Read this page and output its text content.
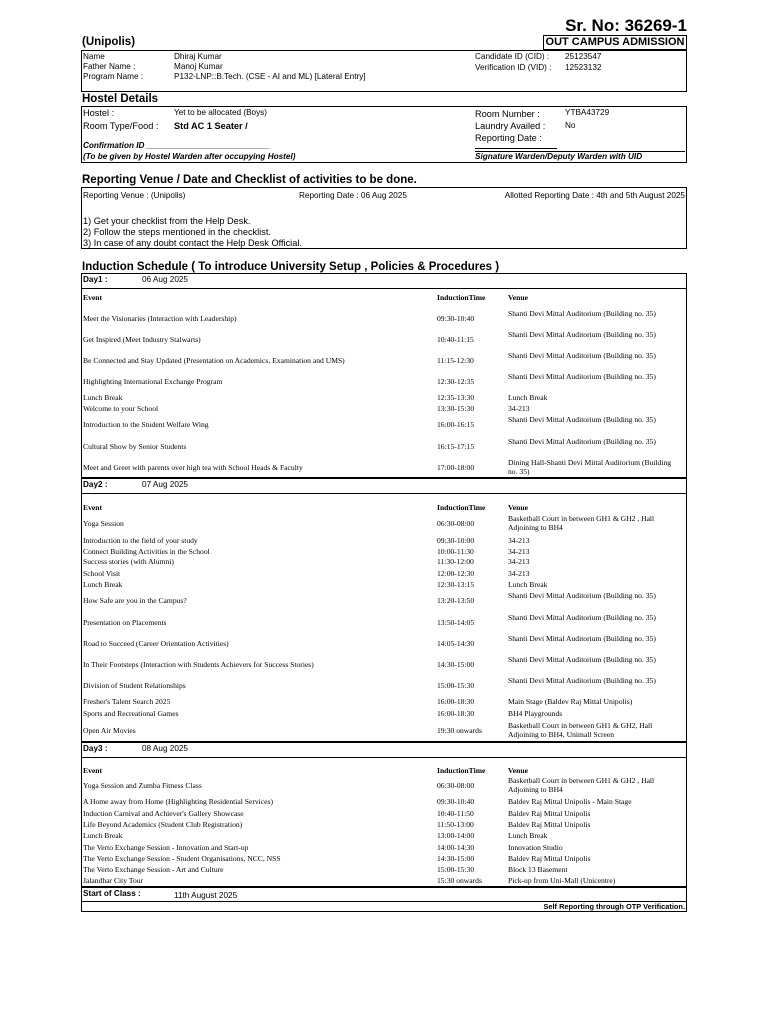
Sr. No: 36269-1
(Unipolis)	OUT CAMPUS ADMISSION
Name	Dhiraj Kumar
Father Name :	Manoj Kumar
Program Name :	P132-LNP::B.Tech. (CSE - AI and ML) [Lateral Entry]
Candidate ID (CID) : 25123547
Verification ID (VID) : 12523132
Hostel Details
Hostel :	Yet to be allocated (Boys)
Room Type/Food : Std AC 1 Seater /
Room Number :	YTBA43729
Laundry Availed : No
Reporting Date :
Confirmation ID ___________________________
(To be given by Hostel Warden after occupying Hostel)	Signature Warden/Deputy Warden with UID
Reporting Venue / Date and Checklist of activities to be done.
Reporting Venue : (Unipolis)	Reporting Date : 06 Aug 2025	Allotted Reporting Date : 4th and 5th August 2025
1) Get your checklist from the Help Desk.
2) Follow the steps mentioned in the checklist.
3) In case of any doubt contact the Help Desk Official.
Induction Schedule ( To introduce University Setup , Policies & Procedures )
Day1 :	06 Aug 2025
Event	InductionTime	Venue
Meet the Visionaries (Interaction with Leadership)	09:30-10:40
Shanti Devi Mittal Auditorium (Building no. 35)
Get Inspired (Meet Industry Stalwarts)	10:40-11:15
Shanti Devi Mittal Auditorium (Building no. 35)
Be Connected and Stay Updated (Presentation on Academics, Examination and UMS)	11:15-12:30
Shanti Devi Mittal Auditorium (Building no. 35)
Highlighting International Exchange Program	12:30-12:35
Shanti Devi Mittal Auditorium (Building no. 35)
Lunch Break	12:35-13:30	Lunch Break
Welcome to your School	13:30-15:30	34-213
Introduction to the Student Welfare Wing	16:00-16:15
Shanti Devi Mittal Auditorium (Building no. 35)
Cultural Show by Senior Students	16:15-17:15
Shanti Devi Mittal Auditorium (Building no. 35)
Meet and Greet with parents over high tea with School Heads & Faculty	17:00-18:00
Dining Hall-Shanti Devi Mittal Auditorium (Building no. 35)
Day2 :	07 Aug 2025
Event	InductionTime	Venue
Yoga Session	06:30-08:00
Basketball Court in between GH1 & GH2 , Hall Adjoining to BH4
Introduction to the field of your study	09:30-10:00	34-213
Connect Building Activities in the School	10:00-11:30	34-213
Success stories (with Alumni)	11:30-12:00	34-213
School Visit	12:00-12:30	34-213
Lunch Break	12:30-13:15	Lunch Break
How Safe are you in the Campus?	13:20-13:50
Shanti Devi Mittal Auditorium (Building no. 35)
Presentation on Placements	13:50-14:05
Shanti Devi Mittal Auditorium (Building no. 35)
Road to Succeed (Career Orientation Activities)	14:05-14:30
Shanti Devi Mittal Auditorium (Building no. 35)
In Their Footsteps (Interaction with Students Achievers for Success Stories)	14:30-15:00
Shanti Devi Mittal Auditorium (Building no. 35)
Division of Student Relationships	15:00-15:30
Shanti Devi Mittal Auditorium (Building no. 35)
Fresher's Talent Search 2025	16:00-18:30	Main Stage (Baldev Raj Mittal Unipolis)
Sports and Recreational Games	16:00-18:30	BH4 Playgrounds
Open Air Movies	19:30 onwards
Basketball Court in between GH1 & GH2, Hall Adjoining to BH4, Unimall Screen
Day3 :	08 Aug 2025
Event	InductionTime	Venue
Yoga Session and Zumba Fitness Class	06:30-08:00
Basketball Court in between GH1 & GH2 , Hall Adjoining to BH4
A Home away from Home (Highlighting Residential Services)	09:30-10:40	Baldev Raj Mittal Unipolis - Main Stage
Induction Carnival and Achiever's Gallery Showcase	10:40-11:50	Baldev Raj Mittal Unipolis
Life Beyond Academics (Student Club Registration)	11:50-13:00	Baldev Raj Mittal Unipolis
Lunch Break	13:00-14:00	Lunch Break
The Verto Exchange Session - Innovation and Start-up	14:00-14:30	Innovation Studio
The Verto Exchange Session - Student Organisations, NCC, NSS	14:30-15:00	Baldev Raj Mittal Unipolis
The Verto Exchange Session - Art and Culture	15:00-15:30	Block 13 Basement
Jalandhar City Tour	15:30 onwards	Pick-up from Uni-Mall (Unicentre)
Start of Class :	11th August 2025
Self Reporting through OTP Verification.
